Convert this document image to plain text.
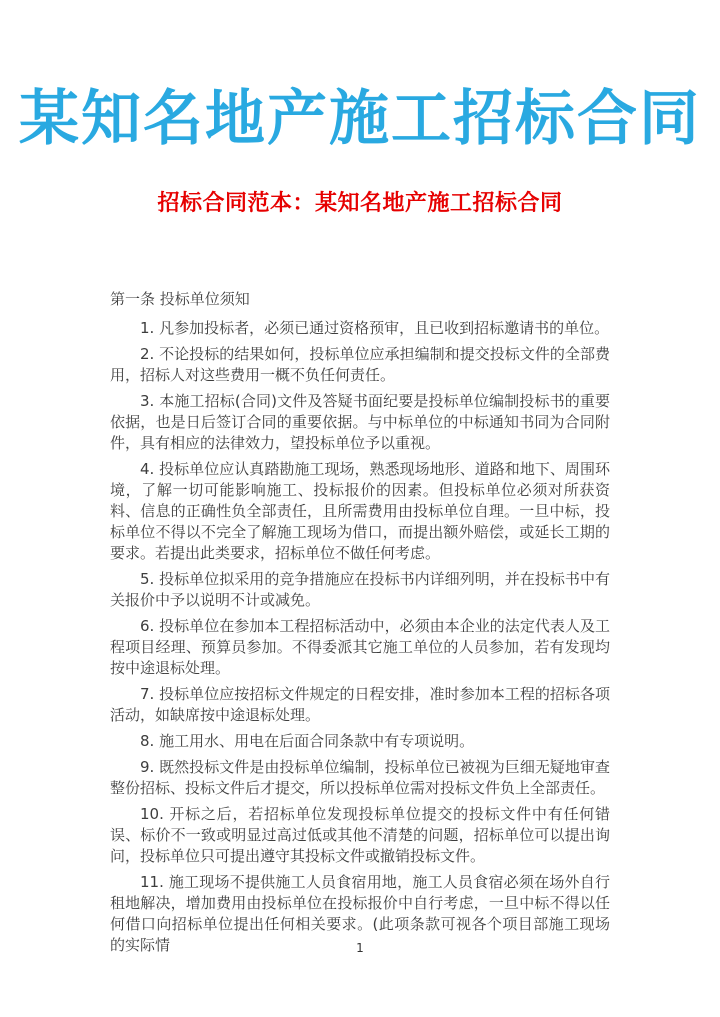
某知名地产施工招标合同
招标合同范本：某知名地产施工招标合同

第一条 投标单位须知

1. 凡参加投标者，必须已通过资格预审，且已收到招标邀请书的单位。

2. 不论投标的结果如何，投标单位应承担编制和提交投标文件的全部费用，招标人对这些费用一概不负任何责任。

3. 本施工招标(合同)文件及答疑书面纪要是投标单位编制投标书的重要依据，也是日后签订合同的重要依据。与中标单位的中标通知书同为合同附件，具有相应的法律效力，望投标单位予以重视。

4. 投标单位应认真踏勘施工现场，熟悉现场地形、道路和地下、周围环境，了解一切可能影响施工、投标报价的因素。但投标单位必须对所获资料、信息的正确性负全部责任，且所需费用由投标单位自理。一旦中标，投标单位不得以不完全了解施工现场为借口，而提出额外赔偿，或延长工期的要求。若提出此类要求，招标单位不做任何考虑。

5. 投标单位拟采用的竞争措施应在投标书内详细列明，并在投标书中有关报价中予以说明不计或减免。

6. 投标单位在参加本工程招标活动中，必须由本企业的法定代表人及工程项目经理、预算员参加。不得委派其它施工单位的人员参加，若有发现均按中途退标处理。

7. 投标单位应按招标文件规定的日程安排，准时参加本工程的招标各项活动，如缺席按中途退标处理。

8. 施工用水、用电在后面合同条款中有专项说明。

9. 既然投标文件是由投标单位编制，投标单位已被视为巨细无疑地审查整份招标、投标文件后才提交，所以投标单位需对投标文件负上全部责任。

10. 开标之后，若招标单位发现投标单位提交的投标文件中有任何错误、标价不一致或明显过高过低或其他不清楚的问题，招标单位可以提出询问，投标单位只可提出遵守其投标文件或撤销投标文件。

11. 施工现场不提供施工人员食宿用地，施工人员食宿必须在场外自行租地解决，增加费用由投标单位在投标报价中自行考虑，一旦中标不得以任何借口向招标单位提出任何相关要求。(此项条款可视各个项目部施工现场的实际情	1
